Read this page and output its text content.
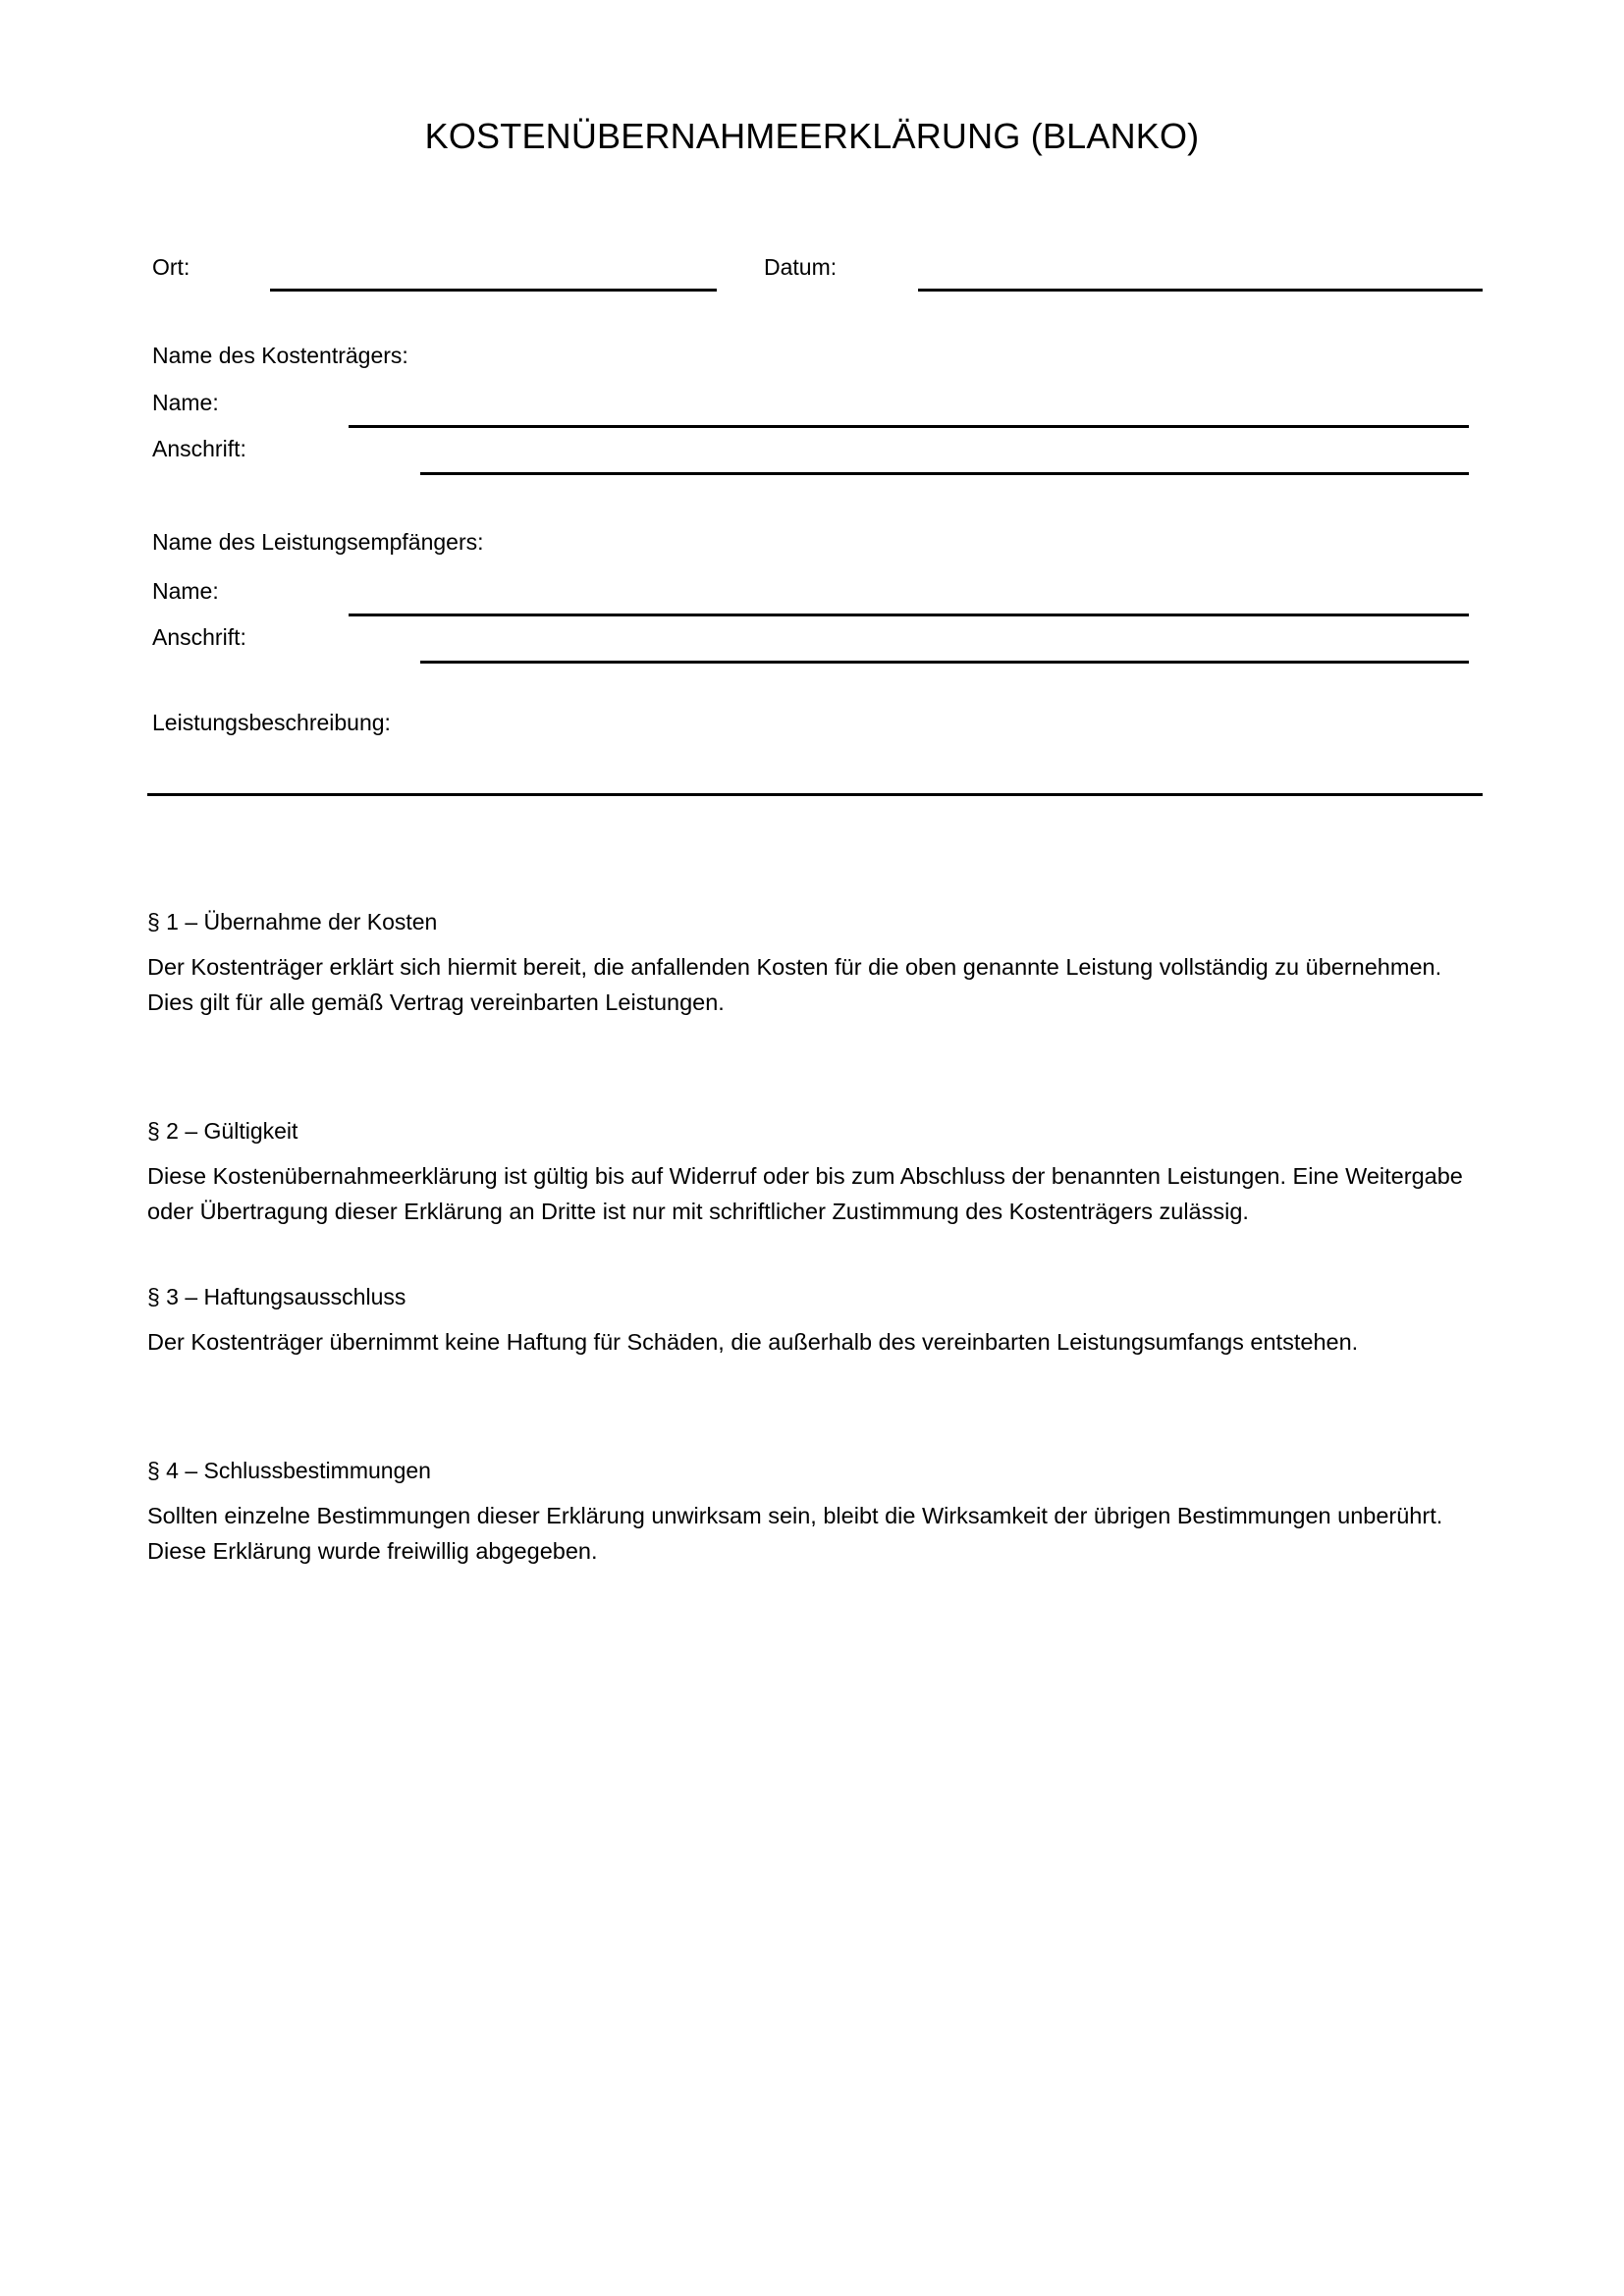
KOSTENÜBERNAHMEERKLÄRUNG (BLANKO)
Ort:	Datum:
Name des Kostenträgers:
Name:
Anschrift:
Name des Leistungsempfängers:
Name:
Anschrift:
Leistungsbeschreibung:
§ 1 – Übernahme der Kosten
Der Kostenträger erklärt sich hiermit bereit, die anfallenden Kosten für die oben genannte Leistung vollständig zu übernehmen. Dies gilt für alle gemäß Vertrag vereinbarten Leistungen.
§ 2 – Gültigkeit
Diese Kostenübernahmeerklärung ist gültig bis auf Widerruf oder bis zum Abschluss der benannten Leistungen. Eine Weitergabe oder Übertragung dieser Erklärung an Dritte ist nur mit schriftlicher Zustimmung des Kostenträgers zulässig.
§ 3 – Haftungsausschluss
Der Kostenträger übernimmt keine Haftung für Schäden, die außerhalb des vereinbarten Leistungsumfangs entstehen.
§ 4 – Schlussbestimmungen
Sollten einzelne Bestimmungen dieser Erklärung unwirksam sein, bleibt die Wirksamkeit der übrigen Bestimmungen unberührt. Diese Erklärung wurde freiwillig abgegeben.
